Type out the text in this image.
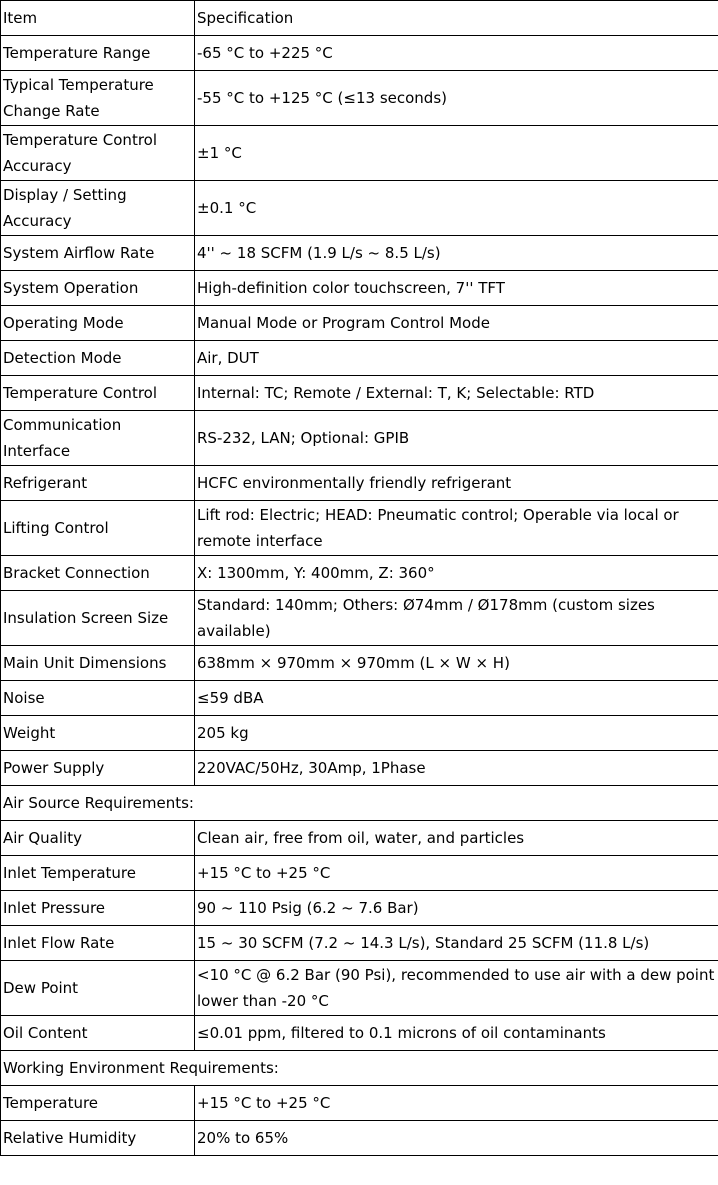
Item	Specification
Temperature Range	-65 °C to +225 °C
Typical Temperature Change Rate	-55 °C to +125 °C (≤13 seconds)
Temperature Control Accuracy	±1 °C
Display / Setting Accuracy	±0.1 °C
System Airflow Rate	4'' ~ 18 SCFM (1.9 L/s ~ 8.5 L/s)
System Operation	High-definition color touchscreen, 7'' TFT
Operating Mode	Manual Mode or Program Control Mode
Detection Mode	Air, DUT
Temperature Control	Internal: TC; Remote / External: T, K; Selectable: RTD
Communication Interface	RS-232, LAN; Optional: GPIB
Refrigerant	HCFC environmentally friendly refrigerant
Lifting Control	Lift rod: Electric; HEAD: Pneumatic control; Operable via local or remote interface
Bracket Connection	X: 1300mm, Y: 400mm, Z: 360°
Insulation Screen Size	Standard: 140mm; Others: Ø74mm / Ø178mm (custom sizes available)
Main Unit Dimensions	638mm × 970mm × 970mm (L × W × H)
Noise	≤59 dBA
Weight	205 kg
Power Supply	220VAC/50Hz, 30Amp, 1Phase
Air Source Requirements:	
Air Quality	Clean air, free from oil, water, and particles
Inlet Temperature	+15 °C to +25 °C
Inlet Pressure	90 ~ 110 Psig (6.2 ~ 7.6 Bar)
Inlet Flow Rate	15 ~ 30 SCFM (7.2 ~ 14.3 L/s), Standard 25 SCFM (11.8 L/s)
Dew Point	<10 °C @ 6.2 Bar (90 Psi), recommended to use air with a dew point lower than -20 °C
Oil Content	≤0.01 ppm, filtered to 0.1 microns of oil contaminants
Working Environment Requirements:	
Temperature	+15 °C to +25 °C
Relative Humidity	20% to 65%
